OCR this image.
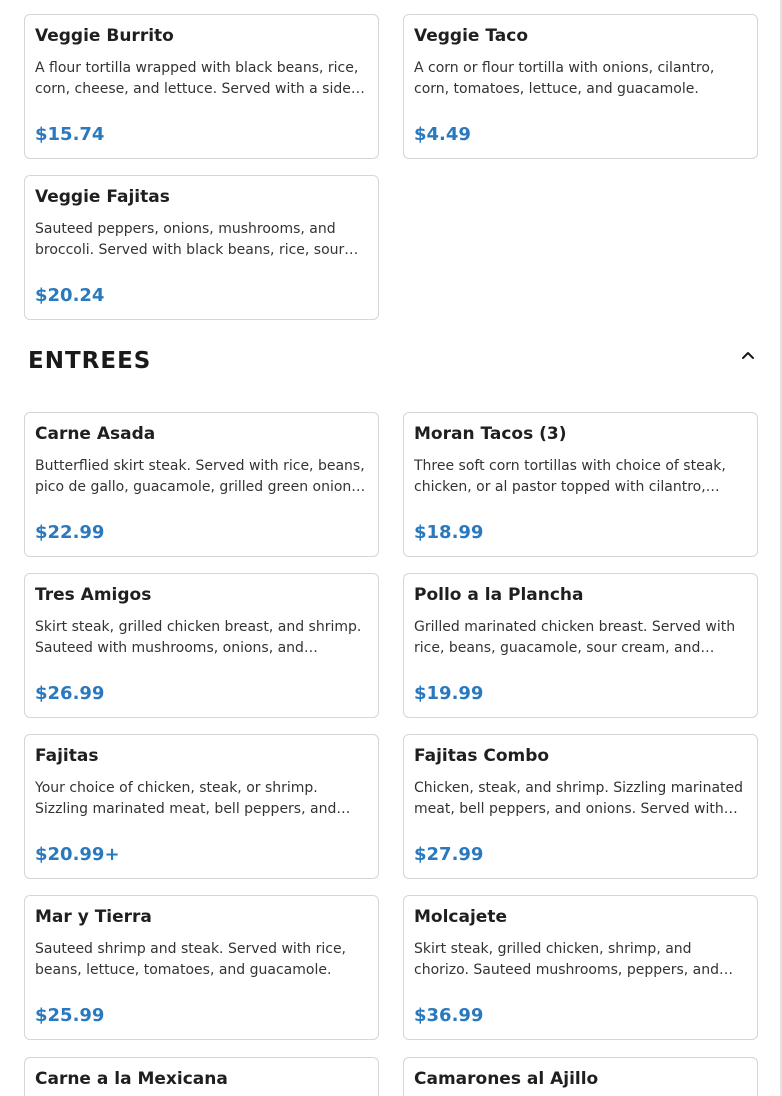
Veggie Burrito
A flour tortilla wrapped with black beans, rice, corn, cheese, and lettuce. Served with a side…
$15.74
Veggie Taco
A corn or flour tortilla with onions, cilantro, corn, tomatoes, lettuce, and guacamole.
$4.49
Veggie Fajitas
Sauteed peppers, onions, mushrooms, and broccoli. Served with black beans, rice, sour…
$20.24
ENTREES
Carne Asada
Butterflied skirt steak. Served with rice, beans, pico de gallo, guacamole, grilled green onion…
$22.99
Moran Tacos (3)
Three soft corn tortillas with choice of steak, chicken, or al pastor topped with cilantro,…
$18.99
Tres Amigos
Skirt steak, grilled chicken breast, and shrimp. Sauteed with mushrooms, onions, and…
$26.99
Pollo a la Plancha
Grilled marinated chicken breast. Served with rice, beans, guacamole, sour cream, and…
$19.99
Fajitas
Your choice of chicken, steak, or shrimp. Sizzling marinated meat, bell peppers, and…
$20.99+
Fajitas Combo
Chicken, steak, and shrimp. Sizzling marinated meat, bell peppers, and onions. Served with…
$27.99
Mar y Tierra
Sauteed shrimp and steak. Served with rice, beans, lettuce, tomatoes, and guacamole.
$25.99
Molcajete
Skirt steak, grilled chicken, shrimp, and chorizo. Sauteed mushrooms, peppers, and…
$36.99
Carne a la Mexicana	Camarones al Ajillo
